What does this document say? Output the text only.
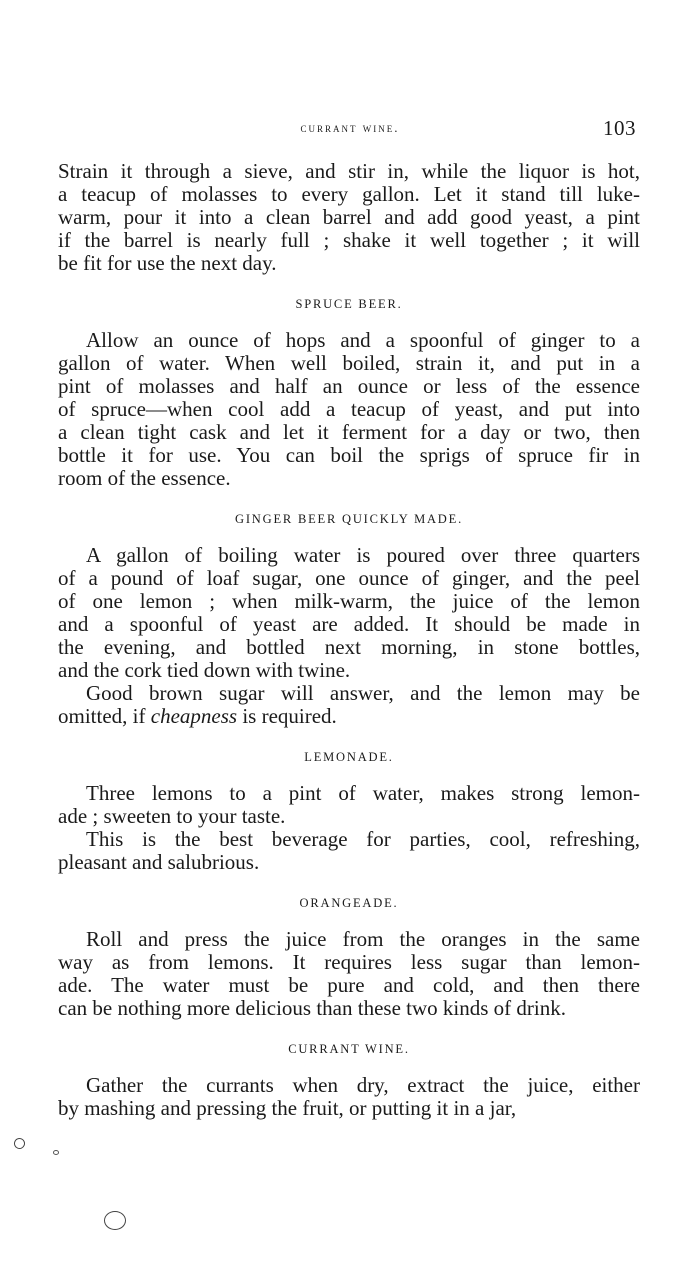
currant wine.	103

Strain it through a sieve, and stir in, while the liquor is hot,
a teacup of molasses to every gallon. Let it stand till luke-
warm, pour it into a clean barrel and add good yeast, a pint
if the barrel is nearly full ; shake it well together ; it will
be fit for use the next day.

SPRUCE BEER.

Allow an ounce of hops and a spoonful of ginger to a
gallon of water. When well boiled, strain it, and put in a
pint of molasses and half an ounce or less of the essence
of spruce—when cool add a teacup of yeast, and put into
a clean tight cask and let it ferment for a day or two, then
bottle it for use. You can boil the sprigs of spruce fir in
room of the essence.

GINGER BEER QUICKLY MADE.

A gallon of boiling water is poured over three quarters
of a pound of loaf sugar, one ounce of ginger, and the peel
of one lemon ; when milk-warm, the juice of the lemon
and a spoonful of yeast are added. It should be made in
the evening, and bottled next morning, in stone bottles,
and the cork tied down with twine.

Good brown sugar will answer, and the lemon may be
omitted, if cheapness is required.

LEMONADE.

Three lemons to a pint of water, makes strong lemon-
ade ; sweeten to your taste.

This is the best beverage for parties, cool, refreshing,
pleasant and salubrious.

ORANGEADE.

Roll and press the juice from the oranges in the same
way as from lemons. It requires less sugar than lemon-
ade. The water must be pure and cold, and then there
can be nothing more delicious than these two kinds of drink.

CURRANT WINE.

Gather the currants when dry, extract the juice, either
by mashing and pressing the fruit, or putting it in a jar,
